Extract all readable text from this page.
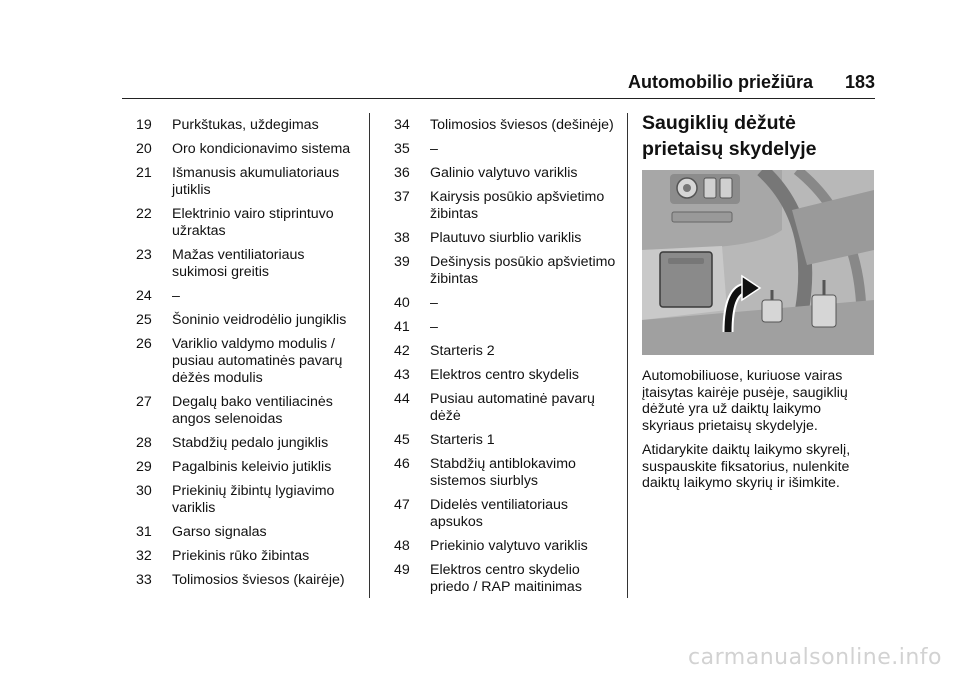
Automobilio priežiūra 183
19	Purkštukas, uždegimas
20	Oro kondicionavimo sistema
21	Išmanusis akumuliatoriaus jutiklis
22	Elektrinio vairo stiprintuvo užraktas
23	Mažas ventiliatoriaus sukimosi greitis
24	–
25	Šoninio veidrodėlio jungiklis
26	Variklio valdymo modulis / pusiau automatinės pavarų dėžės modulis
27	Degalų bako ventiliacinės angos selenoidas
28	Stabdžių pedalo jungiklis
29	Pagalbinis keleivio jutiklis
30	Priekinių žibintų lygiavimo variklis
31	Garso signalas
32	Priekinis rūko žibintas
33	Tolimosios šviesos (kairėje)
34	Tolimosios šviesos (dešinėje)
35	–
36	Galinio valytuvo variklis
37	Kairysis posūkio apšvietimo žibintas
38	Plautuvo siurblio variklis
39	Dešinysis posūkio apšvietimo žibintas
40	–
41	–
42	Starteris 2
43	Elektros centro skydelis
44	Pusiau automatinė pavarų dėžė
45	Starteris 1
46	Stabdžių antiblokavimo sistemos siurblys
47	Didelės ventiliatoriaus apsukos
48	Priekinio valytuvo variklis
49	Elektros centro skydelio priedo / RAP maitinimas
Saugiklių dėžutė prietaisų skydelyje

Automobiliuose, kuriuose vairas įtaisytas kairėje pusėje, saugiklių dėžutė yra už daiktų laikymo skyriaus prietaisų skydelyje.

Atidarykite daiktų laikymo skyrelį, suspauskite fiksatorius, nulenkite daiktų laikymo skyrių ir išimkite.

carmanualsonline.info
